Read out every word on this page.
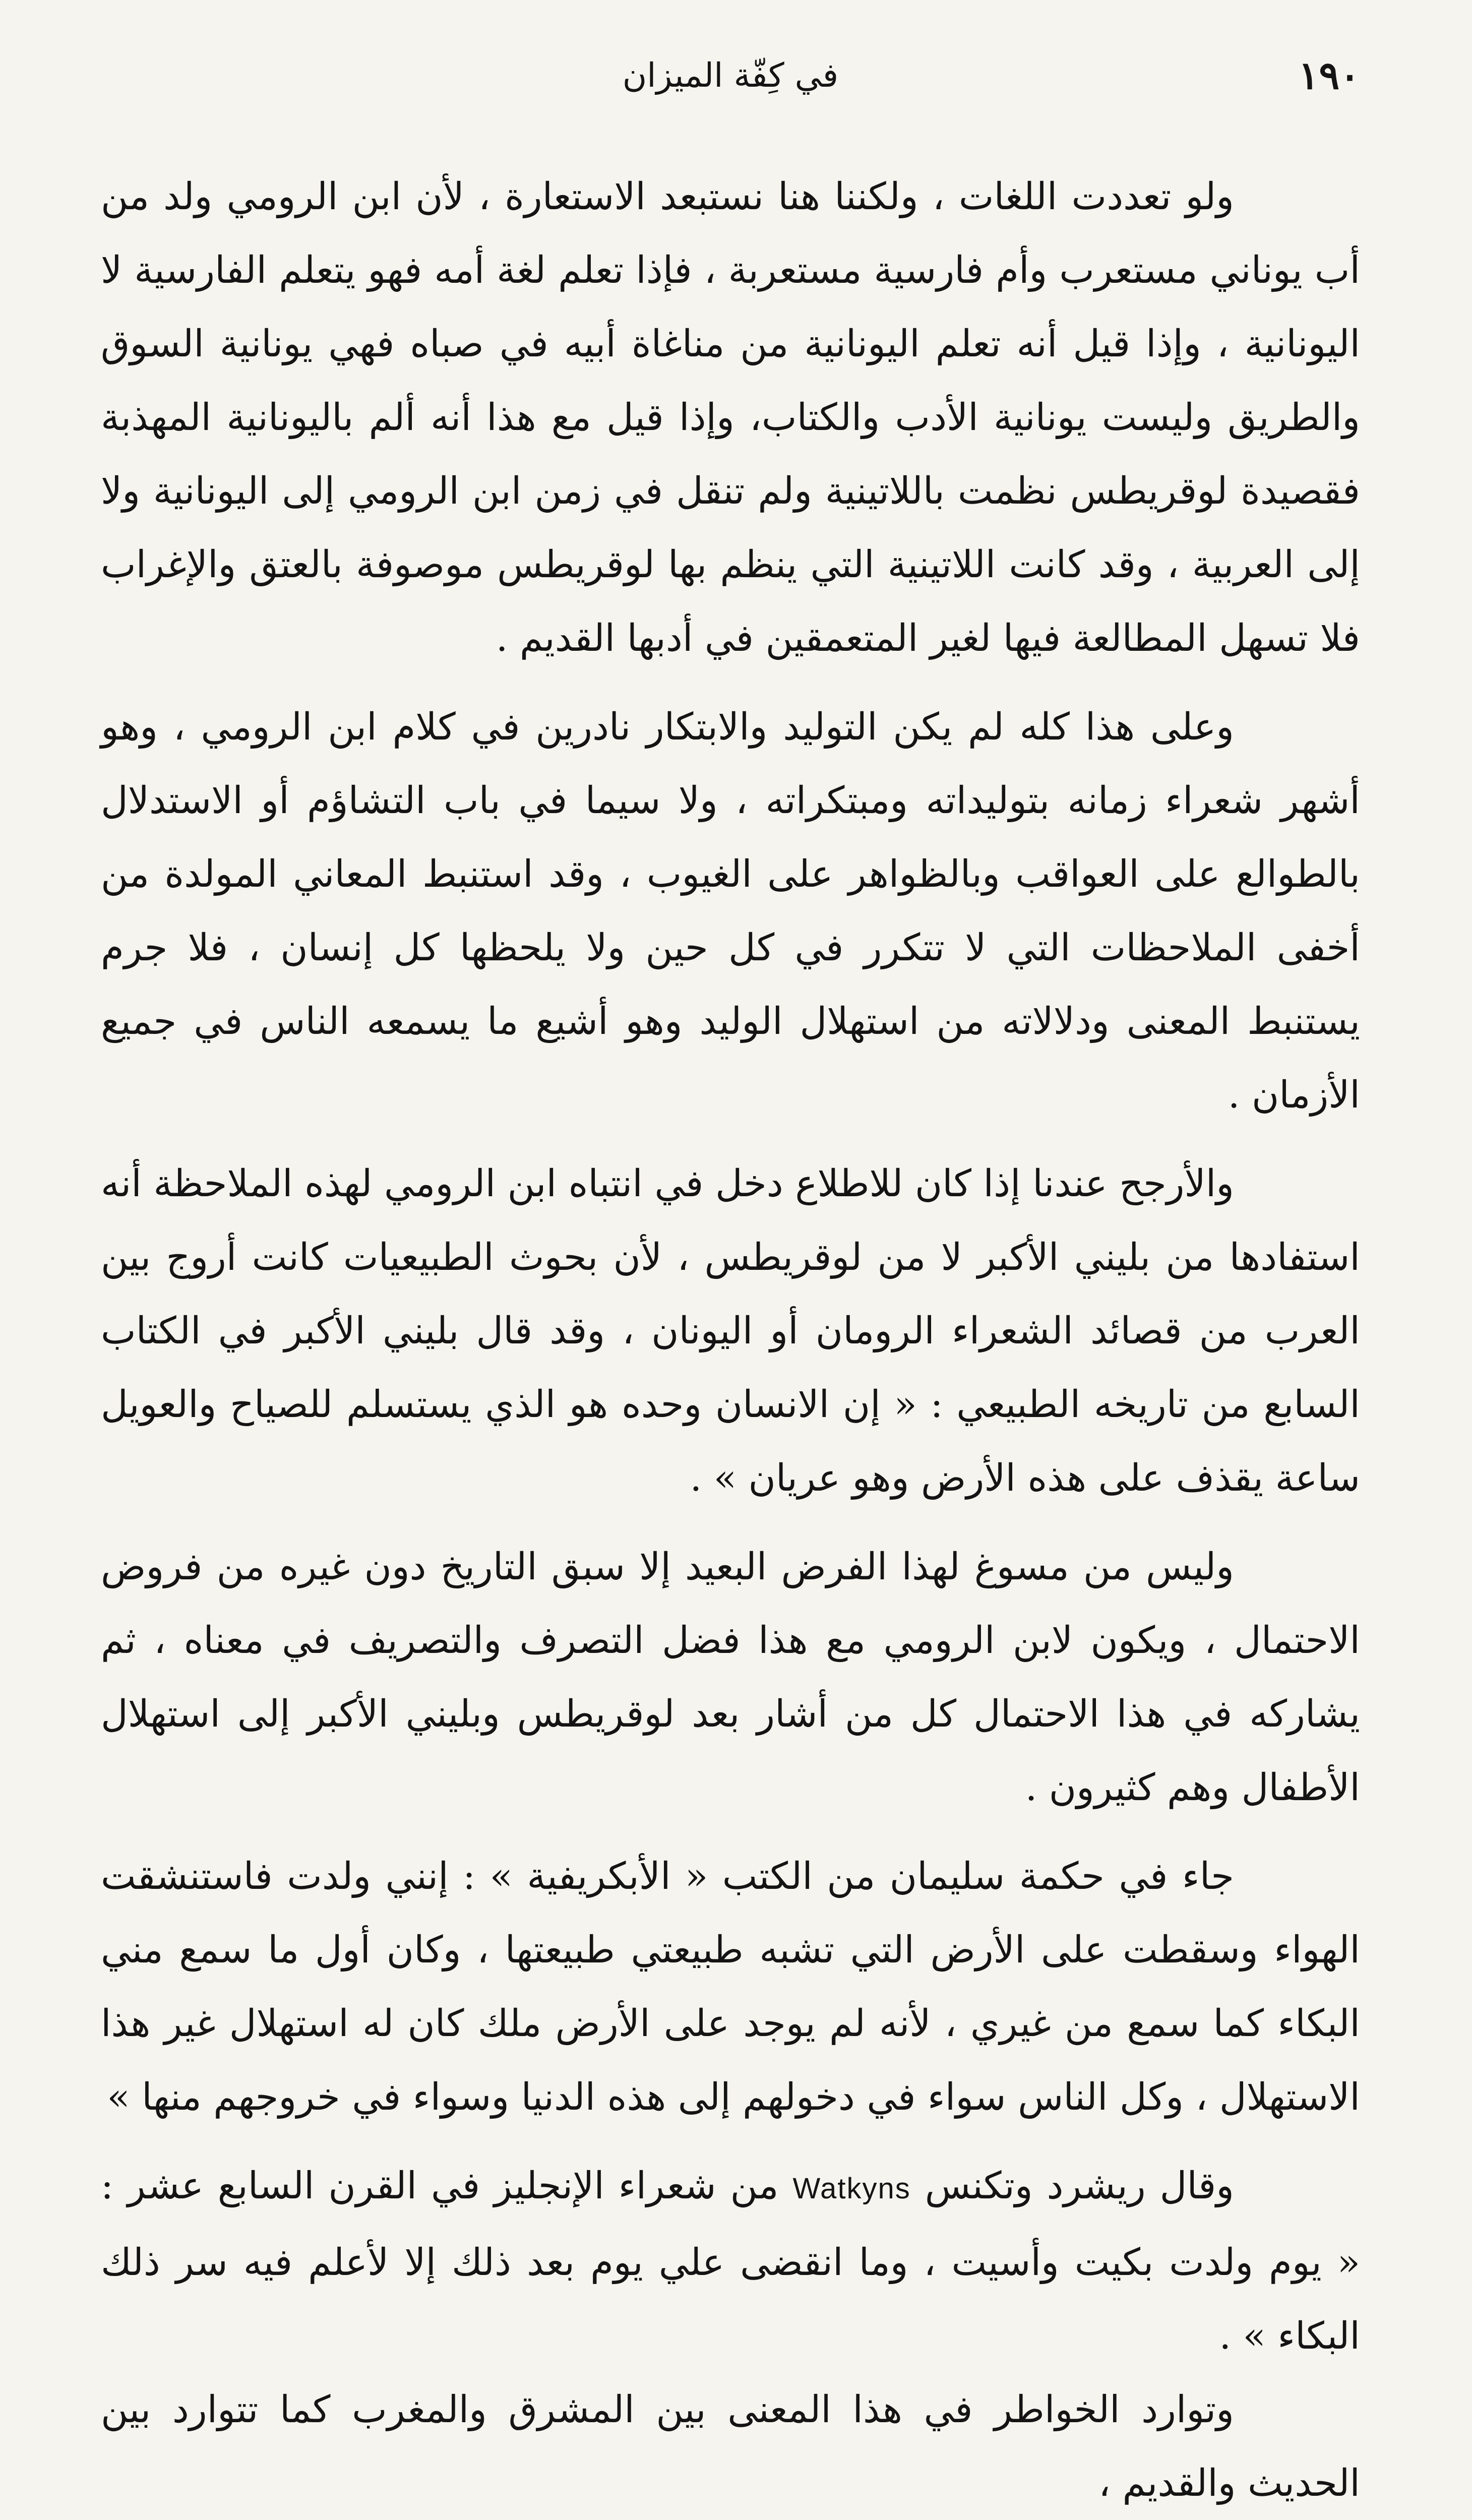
١٩٠
في كِفّة الميزان

ولو تعددت اللغات ، ولكننا هنا نستبعد الاستعارة ، لأن ابن الرومي ولد من أب يوناني مستعرب وأم فارسية مستعربة ، فإذا تعلم لغة أمه فهو يتعلم الفارسية لا اليونانية ، وإذا قيل أنه تعلم اليونانية من مناغاة أبيه في صباه فهي يونانية السوق والطريق وليست يونانية الأدب والكتاب، وإذا قيل مع هذا أنه ألم باليونانية المهذبة فقصيدة لوقريطس نظمت باللاتينية ولم تنقل في زمن ابن الرومي إلى اليونانية ولا إلى العربية ، وقد كانت اللاتينية التي ينظم بها لوقريطس موصوفة بالعتق والإغراب فلا تسهل المطالعة فيها لغير المتعمقين في أدبها القديم .

وعلى هذا كله لم يكن التوليد والابتكار نادرين في كلام ابن الرومي ، وهو أشهر شعراء زمانه بتوليداته ومبتكراته ، ولا سيما في باب التشاؤم أو الاستدلال بالطوالع على العواقب وبالظواهر على الغيوب ، وقد استنبط المعاني المولدة من أخفى الملاحظات التي لا تتكرر في كل حين ولا يلحظها كل إنسان ، فلا جرم يستنبط المعنى ودلالاته من استهلال الوليد وهو أشيع ما يسمعه الناس في جميع الأزمان .

والأرجح عندنا إذا كان للاطلاع دخل في انتباه ابن الرومي لهذه الملاحظة أنه استفادها من بليني الأكبر لا من لوقريطس ، لأن بحوث الطبيعيات كانت أروج بين العرب من قصائد الشعراء الرومان أو اليونان ، وقد قال بليني الأكبر في الكتاب السابع من تاريخه الطبيعي : « إن الانسان وحده هو الذي يستسلم للصياح والعويل ساعة يقذف على هذه الأرض وهو عريان » .

وليس من مسوغ لهذا الفرض البعيد إلا سبق التاريخ دون غيره من فروض الاحتمال ، ويكون لابن الرومي مع هذا فضل التصرف والتصريف في معناه ، ثم يشاركه في هذا الاحتمال كل من أشار بعد لوقريطس وبليني الأكبر إلى استهلال الأطفال وهم كثيرون .

جاء في حكمة سليمان من الكتب « الأبكريفية » : إنني ولدت فاستنشقت الهواء وسقطت على الأرض التي تشبه طبيعتي طبيعتها ، وكان أول ما سمع مني البكاء كما سمع من غيري ، لأنه لم يوجد على الأرض ملك كان له استهلال غير هذا الاستهلال ، وكل الناس سواء في دخولهم إلى هذه الدنيا وسواء في خروجهم منها »

وقال ريشرد وتكنس Watkyns من شعراء الإنجليز في القرن السابع عشر : « يوم ولدت بكيت وأسيت ، وما انقضى علي يوم بعد ذلك إلا لأعلم فيه سر ذلك البكاء » .

وتوارد الخواطر في هذا المعنى بين المشرق والمغرب كما تتوارد بين الحديث والقديم ،
